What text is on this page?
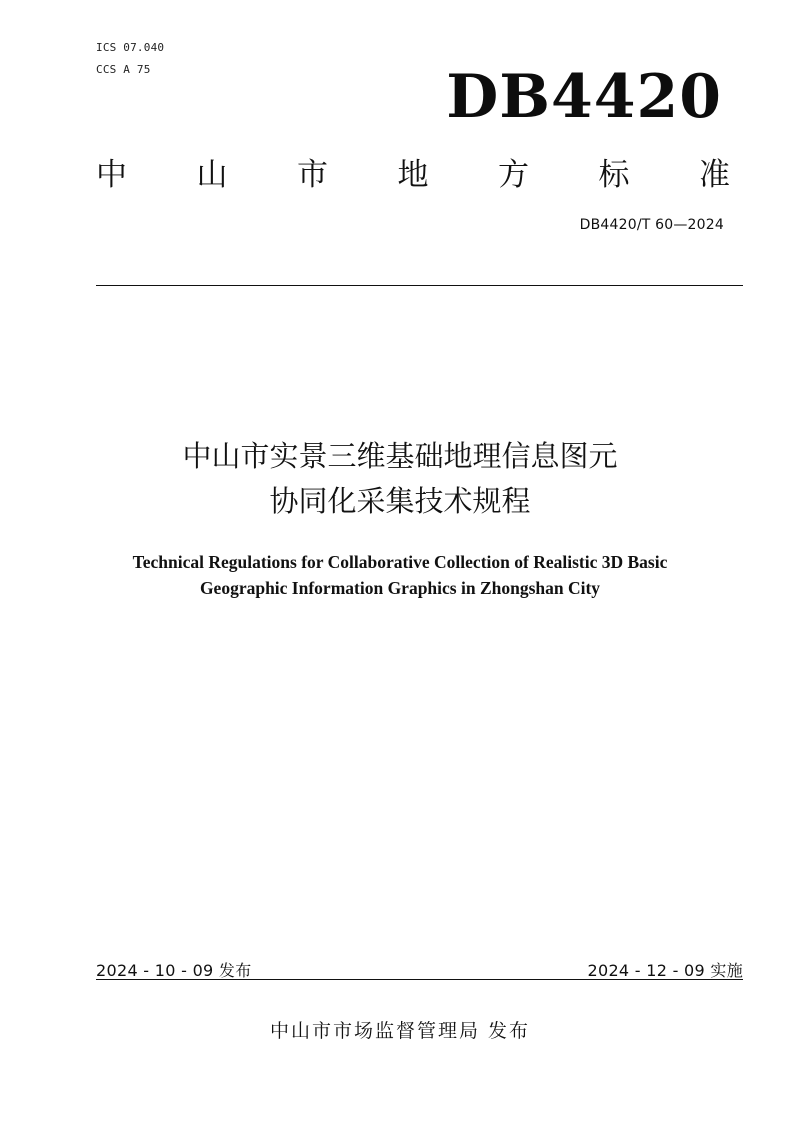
ICS 07.040
CCS A 75	DB4420
中 山 市 地 方 标 准
DB4420/T 60—2024
中山市实景三维基础地理信息图元
协同化采集技术规程
Technical Regulations for Collaborative Collection of Realistic 3D Basic
Geographic Information Graphics in Zhongshan City
2024 - 10 - 09 发布	2024 - 12 - 09 实施
中山市市场监督管理局 发布
